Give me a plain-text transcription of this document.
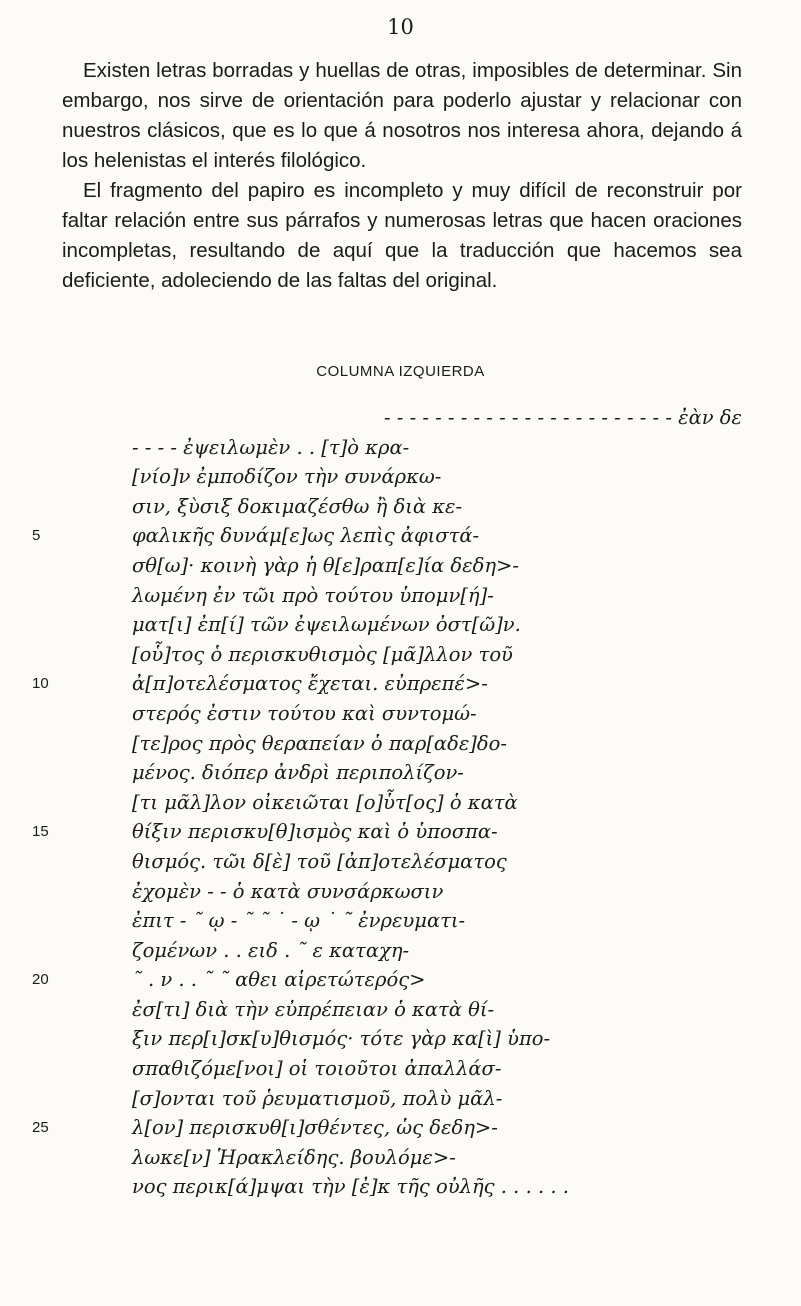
10

Existen letras borradas y huellas de otras, imposibles de determinar. Sin embargo, nos sirve de orientación para poderlo ajustar y relacionar con nuestros clásicos, que es lo que á nosotros nos interesa ahora, dejando á los helenistas el interés filológico.

El fragmento del papiro es incompleto y muy difícil de reconstruir por faltar relación entre sus párrafos y numerosas letras que hacen oraciones incompletas, resultando de aquí que la traducción que hacemos sea deficiente, adoleciendo de las faltas del original.

COLUMNA IZQUIERDA
- - - - - - - - - - - - - - - - - - - - - - - ἐὰν δε
- - - - ἐψειλωμὲν . . [τ]ὸ κρα-
[νίο]ν ἐμποδίζον τὴν συνάρκω-
σιν, ξὺσιξ δοκιμαζέσθω ἢ διὰ κε-
5	φαλικῆς δυνάμ[ε]ως λεπὶς ἀφιστά-
σθ[ω]· κοινὴ γὰρ ἡ θ[ε]ραπ[ε]ία δεδη>-
λωμένη ἐν τῶι πρὸ τούτου ὑπομν[ή]-
ματ[ι] ἐπ[ί] τῶν ἐψειλωμένων ὀστ[ῶ]ν.
[οὗ]τος ὁ περισκυθισμὸς [μᾶ]λλον τοῦ
10	ἀ[π]οτελέσματος ἔχεται. εὐπρεπέ>-
στερός ἐστιν τούτου καὶ συντομώ-
[τε]ρος πρὸς θεραπείαν ὁ παρ[αδε]δο-
μένος. διόπερ ἀνδρὶ περιπολίζον-
[τι μᾶλ]λον οἰκειῶται [ο]ὗτ[ος] ὁ κατὰ
15	θίξιν περισκυ[θ]ισμὸς καὶ ὁ ὑποσπα-
θισμός. τῶι δ[ὲ] τοῦ [ἀπ]οτελέσματος
ἐχομὲν - - ὁ κατὰ συνσάρκωσιν
ἐπιτ - ˜ ῳ - ˜ ˜ ˙ - ῳ ˙ ˜ ἐνρευματι-
ζομένων . . ειδ . ˜ ε καταχη-
20	˜ . ν . . ˜ ˜ αθει αἱρετώτερός>
ἐσ[τι] διὰ τὴν εὐπρέπειαν ὁ κατὰ θί-
ξιν περ[ι]σκ[υ]θισμός· τότε γὰρ κα[ὶ] ὑπο-
σπαθιζόμε[νοι] οἱ τοιοῦτοι ἀπαλλάσ-
[σ]ονται τοῦ ῥευματισμοῦ, πολὺ μᾶλ-
25	λ[ον] περισκυθ[ι]σθέντες, ὡς δεδη>-
λωκε[ν] Ἡρακλείδης. βουλόμε>-
νος περικ[ά]μψαι τὴν [ἐ]κ τῆς οὐλῆς . . . . . .
